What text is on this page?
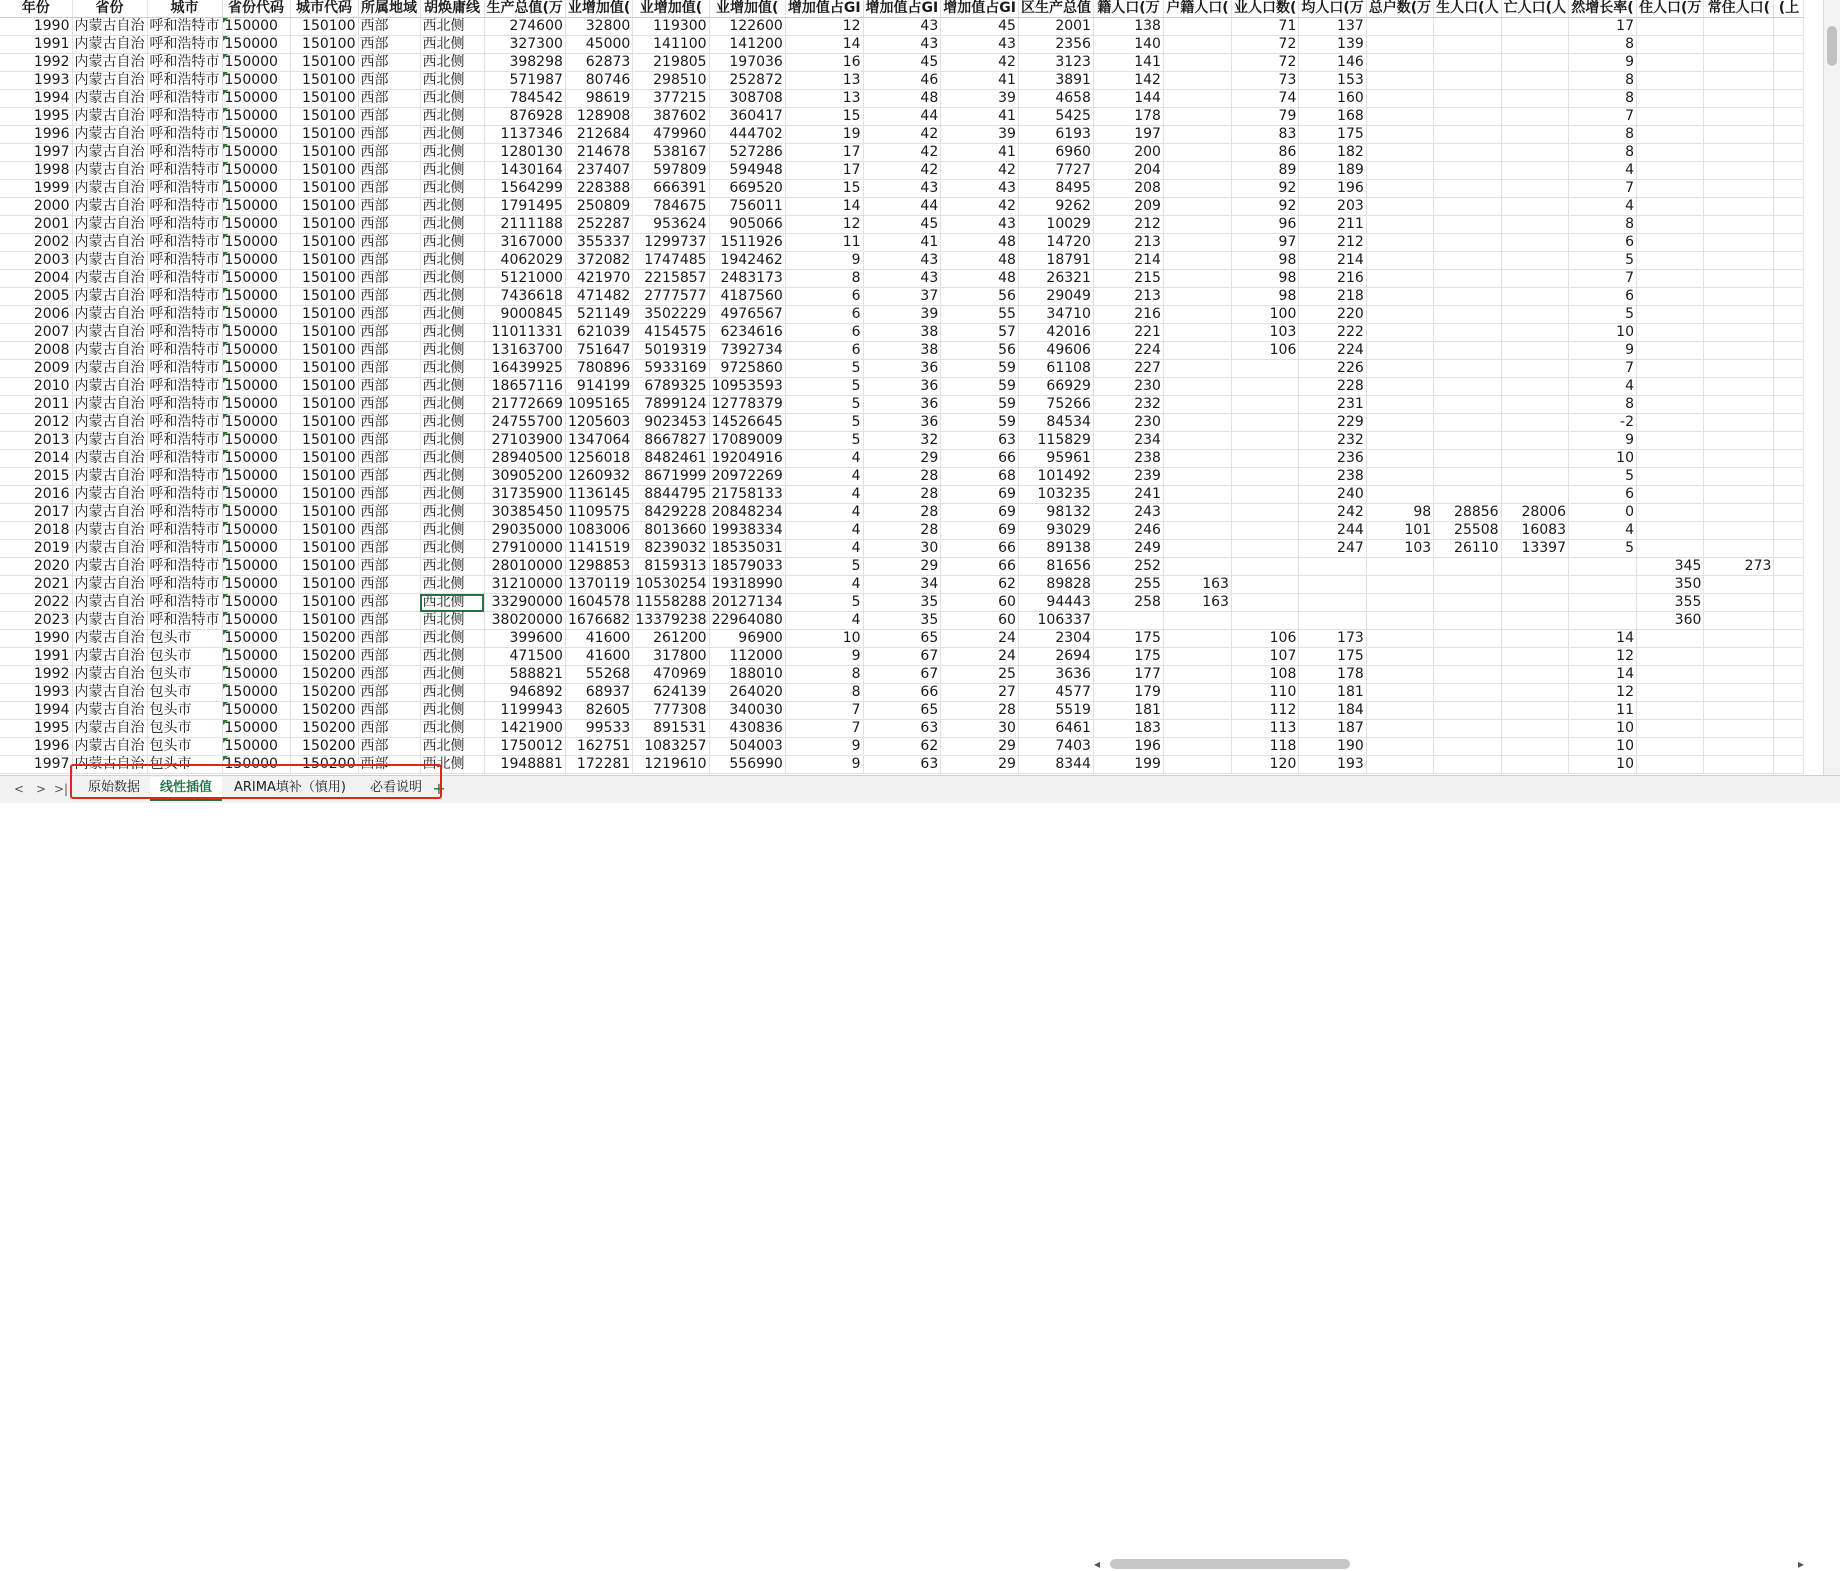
年份	省份	城市	省份代码	城市代码	所属地域	胡焕庸线	生产总值(万	业增加值(	业增加值(	业增加值(	增加值占GI	增加值占GI	增加值占GI	区生产总值	籍人口(万	户籍人口(	业人口数(	均人口(万	总户数(万	生人口(人	亡人口(人	然增长率(	住人口(万	常住人口(	(上
1990	内蒙古自治	呼和浩特市	150000	150100	西部	西北侧	274600	32800	119300	122600	12	43	45	2001	138		71	137				17			
1991	内蒙古自治	呼和浩特市	150000	150100	西部	西北侧	327300	45000	141100	141200	14	43	43	2356	140		72	139				8			
1992	内蒙古自治	呼和浩特市	150000	150100	西部	西北侧	398298	62873	219805	197036	16	45	42	3123	141		72	146				9			
1993	内蒙古自治	呼和浩特市	150000	150100	西部	西北侧	571987	80746	298510	252872	13	46	41	3891	142		73	153				8			
1994	内蒙古自治	呼和浩特市	150000	150100	西部	西北侧	784542	98619	377215	308708	13	48	39	4658	144		74	160				8			
1995	内蒙古自治	呼和浩特市	150000	150100	西部	西北侧	876928	128908	387602	360417	15	44	41	5425	178		79	168				7			
1996	内蒙古自治	呼和浩特市	150000	150100	西部	西北侧	1137346	212684	479960	444702	19	42	39	6193	197		83	175				8			
1997	内蒙古自治	呼和浩特市	150000	150100	西部	西北侧	1280130	214678	538167	527286	17	42	41	6960	200		86	182				8			
1998	内蒙古自治	呼和浩特市	150000	150100	西部	西北侧	1430164	237407	597809	594948	17	42	42	7727	204		89	189				4			
1999	内蒙古自治	呼和浩特市	150000	150100	西部	西北侧	1564299	228388	666391	669520	15	43	43	8495	208		92	196				7			
2000	内蒙古自治	呼和浩特市	150000	150100	西部	西北侧	1791495	250809	784675	756011	14	44	42	9262	209		92	203				4			
2001	内蒙古自治	呼和浩特市	150000	150100	西部	西北侧	2111188	252287	953624	905066	12	45	43	10029	212		96	211				8			
2002	内蒙古自治	呼和浩特市	150000	150100	西部	西北侧	3167000	355337	1299737	1511926	11	41	48	14720	213		97	212				6			
2003	内蒙古自治	呼和浩特市	150000	150100	西部	西北侧	4062029	372082	1747485	1942462	9	43	48	18791	214		98	214				5			
2004	内蒙古自治	呼和浩特市	150000	150100	西部	西北侧	5121000	421970	2215857	2483173	8	43	48	26321	215		98	216				7			
2005	内蒙古自治	呼和浩特市	150000	150100	西部	西北侧	7436618	471482	2777577	4187560	6	37	56	29049	213		98	218				6			
2006	内蒙古自治	呼和浩特市	150000	150100	西部	西北侧	9000845	521149	3502229	4976567	6	39	55	34710	216		100	220				5			
2007	内蒙古自治	呼和浩特市	150000	150100	西部	西北侧	11011331	621039	4154575	6234616	6	38	57	42016	221		103	222				10			
2008	内蒙古自治	呼和浩特市	150000	150100	西部	西北侧	13163700	751647	5019319	7392734	6	38	56	49606	224		106	224				9			
2009	内蒙古自治	呼和浩特市	150000	150100	西部	西北侧	16439925	780896	5933169	9725860	5	36	59	61108	227			226				7			
2010	内蒙古自治	呼和浩特市	150000	150100	西部	西北侧	18657116	914199	6789325	10953593	5	36	59	66929	230			228				4			
2011	内蒙古自治	呼和浩特市	150000	150100	西部	西北侧	21772669	1095165	7899124	12778379	5	36	59	75266	232			231				8			
2012	内蒙古自治	呼和浩特市	150000	150100	西部	西北侧	24755700	1205603	9023453	14526645	5	36	59	84534	230			229				-2			
2013	内蒙古自治	呼和浩特市	150000	150100	西部	西北侧	27103900	1347064	8667827	17089009	5	32	63	115829	234			232				9			
2014	内蒙古自治	呼和浩特市	150000	150100	西部	西北侧	28940500	1256018	8482461	19204916	4	29	66	95961	238			236				10			
2015	内蒙古自治	呼和浩特市	150000	150100	西部	西北侧	30905200	1260932	8671999	20972269	4	28	68	101492	239			238				5			
2016	内蒙古自治	呼和浩特市	150000	150100	西部	西北侧	31735900	1136145	8844795	21758133	4	28	69	103235	241			240				6			
2017	内蒙古自治	呼和浩特市	150000	150100	西部	西北侧	30385450	1109575	8429228	20848234	4	28	69	98132	243			242	98	28856	28006	0			
2018	内蒙古自治	呼和浩特市	150000	150100	西部	西北侧	29035000	1083006	8013660	19938334	4	28	69	93029	246			244	101	25508	16083	4			
2019	内蒙古自治	呼和浩特市	150000	150100	西部	西北侧	27910000	1141519	8239032	18535031	4	30	66	89138	249			247	103	26110	13397	5			
2020	内蒙古自治	呼和浩特市	150000	150100	西部	西北侧	28010000	1298853	8159313	18579033	5	29	66	81656	252								345	273	
2021	内蒙古自治	呼和浩特市	150000	150100	西部	西北侧	31210000	1370119	10530254	19318990	4	34	62	89828	255	163							350		
2022	内蒙古自治	呼和浩特市	150000	150100	西部	西北侧	33290000	1604578	11558288	20127134	5	35	60	94443	258	163							355		
2023	内蒙古自治	呼和浩特市	150000	150100	西部	西北侧	38020000	1676682	13379238	22964080	4	35	60	106337									360		
1990	内蒙古自治	包头市	150000	150200	西部	西北侧	399600	41600	261200	96900	10	65	24	2304	175		106	173				14			
1991	内蒙古自治	包头市	150000	150200	西部	西北侧	471500	41600	317800	112000	9	67	24	2694	175		107	175				12			
1992	内蒙古自治	包头市	150000	150200	西部	西北侧	588821	55268	470969	188010	8	67	25	3636	177		108	178				14			
1993	内蒙古自治	包头市	150000	150200	西部	西北侧	946892	68937	624139	264020	8	66	27	4577	179		110	181				12			
1994	内蒙古自治	包头市	150000	150200	西部	西北侧	1199943	82605	777308	340030	7	65	28	5519	181		112	184				11			
1995	内蒙古自治	包头市	150000	150200	西部	西北侧	1421900	99533	891531	430836	7	63	30	6461	183		113	187				10			
1996	内蒙古自治	包头市	150000	150200	西部	西北侧	1750012	162751	1083257	504003	9	62	29	7403	196		118	190				10			
1997	内蒙古自治	包头市	150000	150200	西部	西北侧	1948881	172281	1219610	556990	9	63	29	8344	199		120	193				10			
< > >|	原始数据	线性插值	ARIMA填补（慎用)	必看说明 +
◂	▸
